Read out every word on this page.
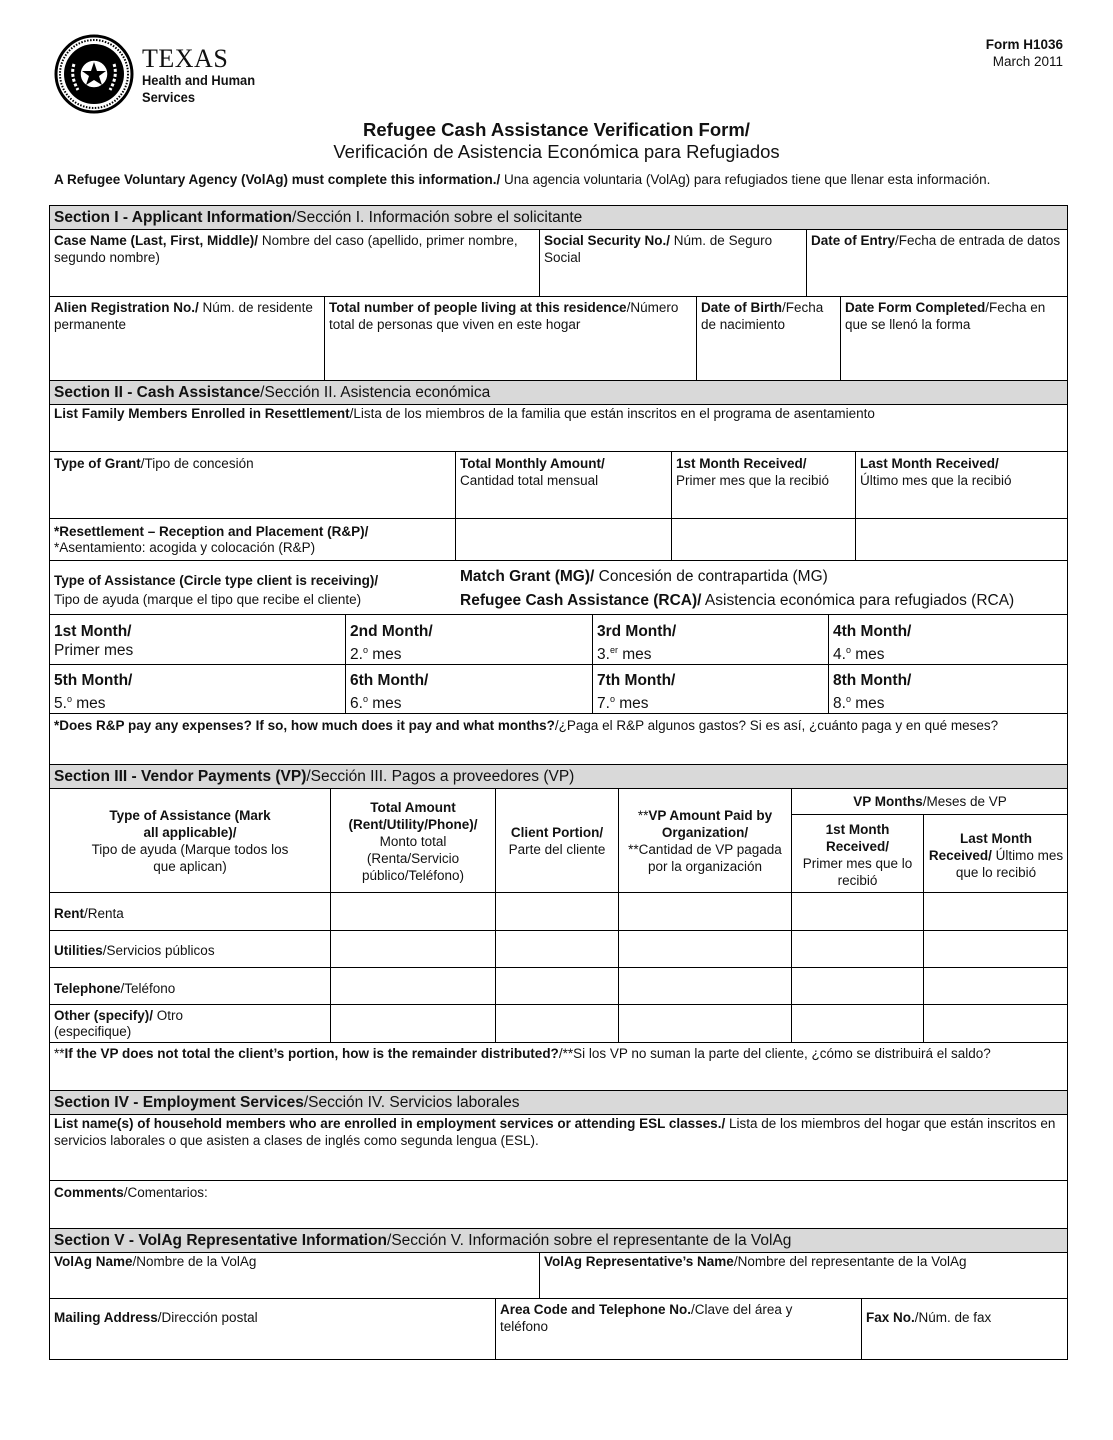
TEXAS
Health and Human
Services
Form H1036
March 2011
Refugee Cash Assistance Verification Form/
Verificación de Asistencia Económica para Refugiados
A Refugee Voluntary Agency (VolAg) must complete this information./ Una agencia voluntaria (VolAg) para refugiados tiene que llenar esta información.
Section I - Applicant Information/Sección I. Información sobre el solicitante
Case Name (Last, First, Middle)/ Nombre del caso (apellido, primer nombre, segundo nombre)
Social Security No./ Núm. de Seguro Social
Date of Entry/Fecha de entrada de datos
Alien Registration No./ Núm. de residente permanente
Total number of people living at this residence/Número total de personas que viven en este hogar
Date of Birth/Fecha de nacimiento
Date Form Completed/Fecha en que se llenó la forma
Section II - Cash Assistance/Sección II. Asistencia económica
List Family Members Enrolled in Resettlement/Lista de los miembros de la familia que están inscritos en el programa de asentamiento
Type of Grant/Tipo de concesión	Total Monthly Amount/
Cantidad total mensual
1st Month Received/
Primer mes que la recibió
Last Month Received/
Último mes que la recibió
*Resettlement – Reception and Placement (R&P)/
*Asentamiento: acogida y colocación (R&P)
Type of Assistance (Circle type client is receiving)/
Tipo de ayuda (marque el tipo que recibe el cliente)
Match Grant (MG)/ Concesión de contrapartida (MG)
Refugee Cash Assistance (RCA)/ Asistencia económica para refugiados (RCA)
1st Month/
Primer mes
2nd Month/
2.$^o$ mes
3rd Month/
3.$^{er}$ mes
4th Month/
4.$^o$ mes
5th Month/
5.$^o$ mes
6th Month/
6.$^o$ mes
7th Month/
7.$^o$ mes
8th Month/
8.$^o$ mes
*Does R&P pay any expenses? If so, how much does it pay and what months?/¿Paga el R&P algunos gastos? Si es así, ¿cuánto paga y en qué meses?
Section III - Vendor Payments (VP)/Sección III. Pagos a proveedores (VP)
Type of Assistance (Mark all applicable)/
Tipo de ayuda (Marque todos los que aplican)
Total Amount (Rent/Utility/Phone)/
Monto total (Renta/Servicio público/Teléfono)
Client Portion/
Parte del cliente
**VP Amount Paid by Organization/
**Cantidad de VP pagada por la organización
VP Months/Meses de VP
1st Month Received/
Primer mes que lo recibió
Last Month Received/ Último mes que lo recibió
Rent/Renta
Utilities/Servicios públicos
Telephone/Teléfono
Other (specify)/ Otro (especifique)
**If the VP does not total the client’s portion, how is the remainder distributed?/**Si los VP no suman la parte del cliente, ¿cómo se distribuirá el saldo?
Section IV - Employment Services/Sección IV. Servicios laborales
List name(s) of household members who are enrolled in employment services or attending ESL classes./ Lista de los miembros del hogar que están inscritos en servicios laborales o que asisten a clases de inglés como segunda lengua (ESL).
Comments/Comentarios:
Section V - VolAg Representative Information/Sección V. Información sobre el representante de la VolAg
VolAg Name/Nombre de la VolAg	VolAg Representative’s Name/Nombre del representante de la VolAg
Mailing Address/Dirección postal
Area Code and Telephone No./Clave del área y teléfono
Fax No./Núm. de fax
